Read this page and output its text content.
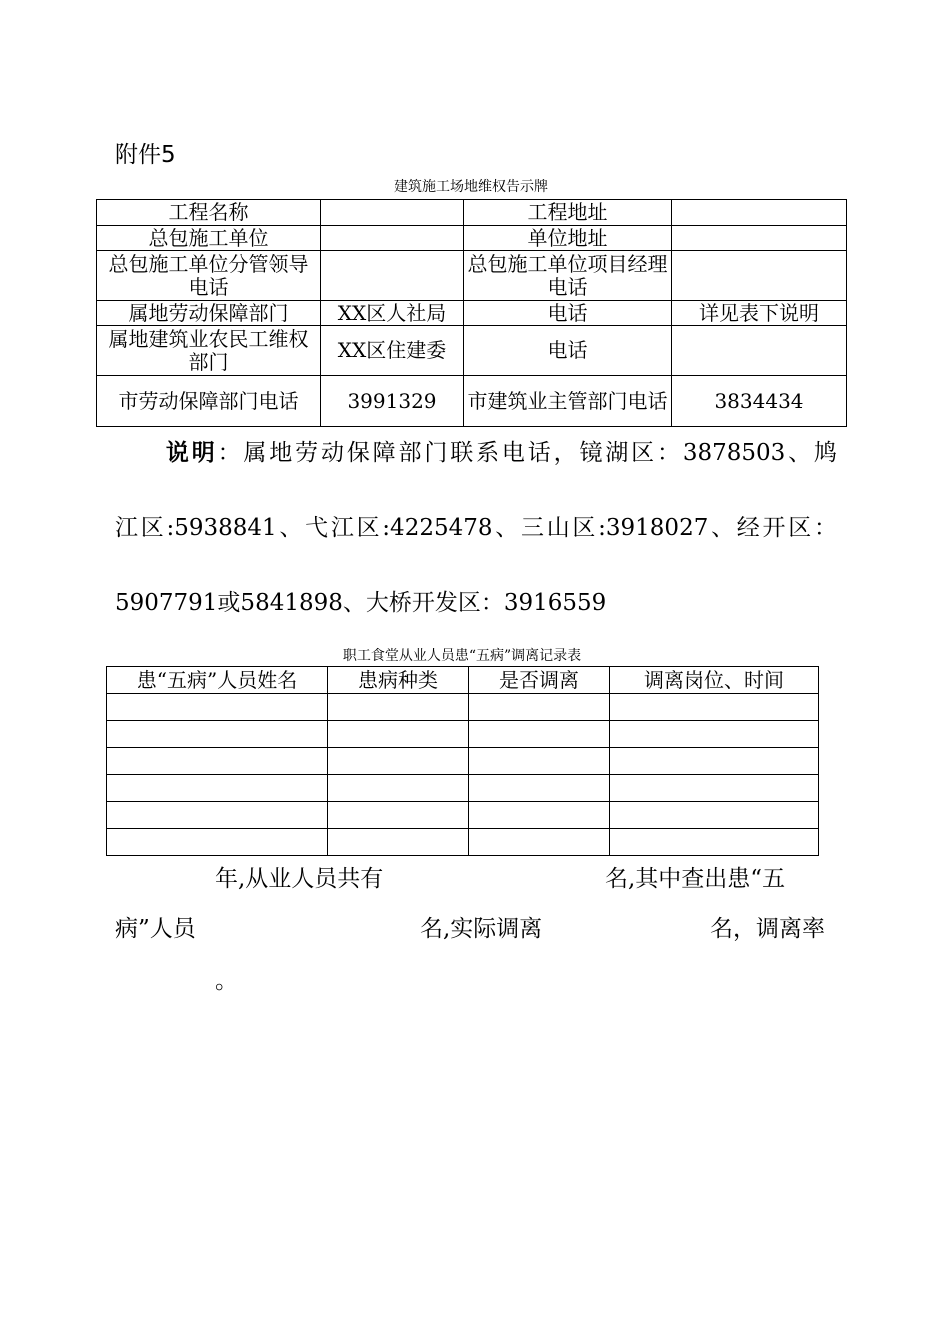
附件5
建筑施工场地维权告示牌
工程名称		工程地址	
总包施工单位		单位地址	
总包施工单位分管领导电话		总包施工单位项目经理电话	
属地劳动保障部门	XX区人社局	电话	详见表下说明
属地建筑业农民工维权部门	XX区住建委	电话	
市劳动保障部门电话	3991329	市建筑业主管部门电话	3834434
说明：属地劳动保障部门联系电话，镜湖区：3878503、鸠
江区:5938841、弋江区:4225478、三山区:3918027、经开区：
5907791或5841898、大桥开发区：3916559
职工食堂从业人员患“五病”调离记录表
患“五病”人员姓名	患病种类	是否调离	调离岗位、时间

年,从业人员共有	名,其中查出患“五
病”人员	名,实际调离	名，调离率
。
